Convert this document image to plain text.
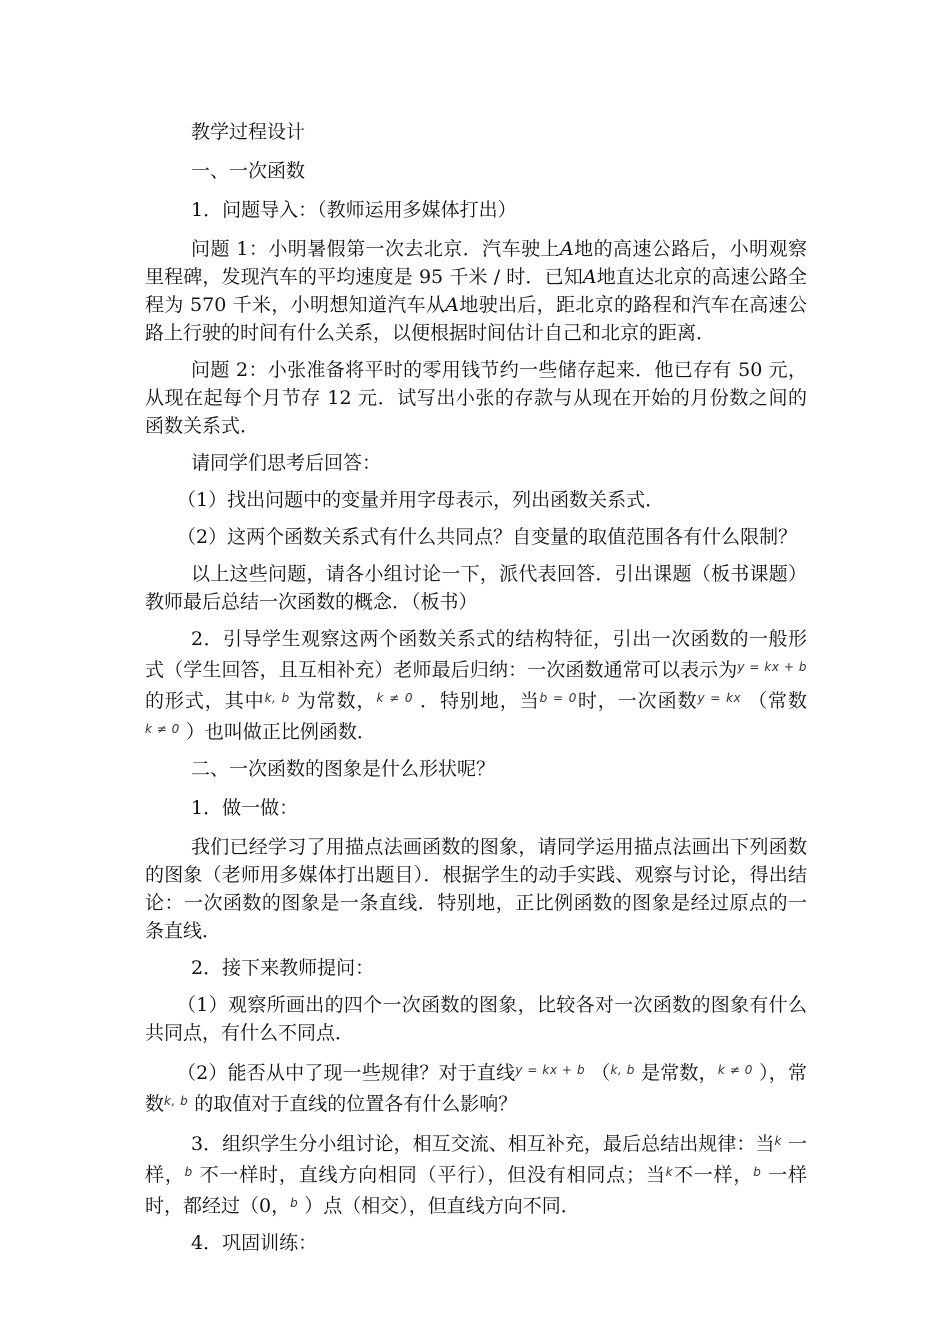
教学过程设计

一、一次函数

1．问题导入：（教师运用多媒体打出）

问题 1：小明暑假第一次去北京．汽车驶上A地的高速公路后，小明观察里程碑，发现汽车的平均速度是 95 千米 / 时．已知A地直达北京的高速公路全程为 570 千米，小明想知道汽车从A地驶出后，距北京的路程和汽车在高速公路上行驶的时间有什么关系，以便根据时间估计自己和北京的距离．

问题 2：小张准备将平时的零用钱节约一些储存起来．他已存有 50 元，从现在起每个月节存 12 元．试写出小张的存款与从现在开始的月份数之间的函数关系式．

请同学们思考后回答：

（1）找出问题中的变量并用字母表示，列出函数关系式．

（2）这两个函数关系式有什么共同点？自变量的取值范围各有什么限制？

以上这些问题，请各小组讨论一下，派代表回答．引出课题（板书课题）教师最后总结一次函数的概念．（板书）

2．引导学生观察这两个函数关系式的结构特征，引出一次函数的一般形式（学生回答，且互相补充）老师最后归纳：一次函数通常可以表示为$^{y = kx + b}$ 的形式，其中$^{k, b}$ 为常数，$^{k \ne 0}$ ．特别地，当$^{b = 0}$时，一次函数$^{y = kx}$ （常数$^{k \ne 0}$ ）也叫做正比例函数．

二、一次函数的图象是什么形状呢？

1．做一做：

我们已经学习了用描点法画函数的图象，请同学运用描点法画出下列函数的图象（老师用多媒体打出题目）．根据学生的动手实践、观察与讨论，得出结论：一次函数的图象是一条直线．特别地，正比例函数的图象是经过原点的一条直线．

2．接下来教师提问：

（1）观察所画出的四个一次函数的图象，比较各对一次函数的图象有什么共同点，有什么不同点．

（2）能否从中了现一些规律？对于直线$^{y = kx + b}$ （$^{k, b}$ 是常数，$^{k \ne 0}$ ），常数$^{k, b}$ 的取值对于直线的位置各有什么影响？

3．组织学生分小组讨论，相互交流、相互补充，最后总结出规律：当$^k$ 一样，$^b$ 不一样时，直线方向相同（平行），但没有相同点；当$^k$不一样，$^b$ 一样时，都经过（0，$^b$ ）点（相交），但直线方向不同．

4．巩固训练：
